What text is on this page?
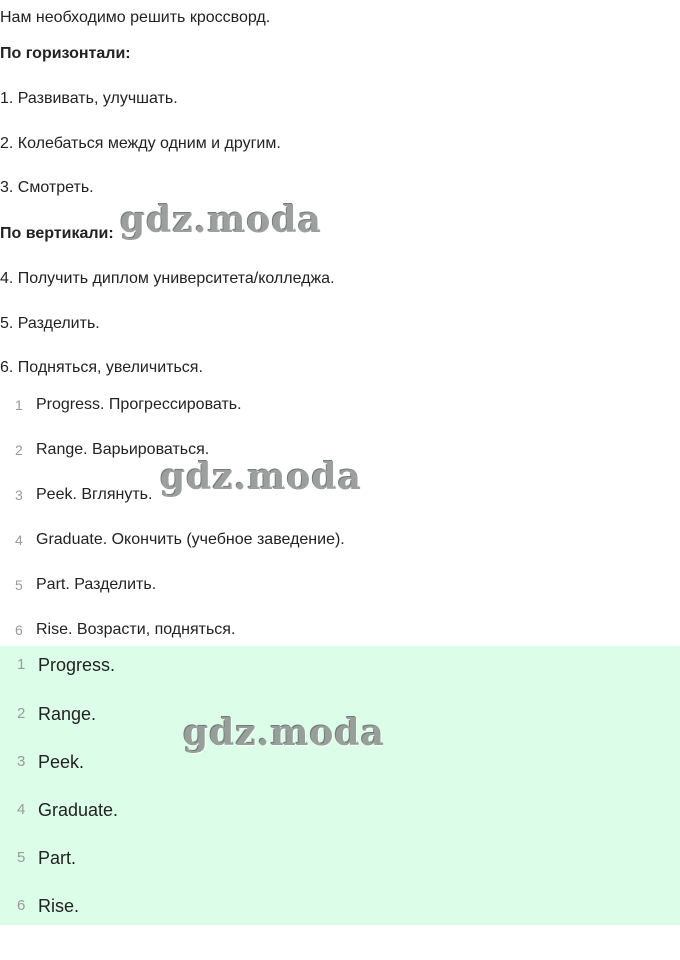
Нам необходимо решить кроссворд.
По горизонтали:
1. Развивать, улучшать.
2. Колебаться между одним и другим.
3. Смотреть.
По вертикали:
4. Получить диплом университета/колледжа.
5. Разделить.
6. Подняться, увеличиться.
1 Progress. Прогрессировать.
2 Range. Варьироваться.
3 Peek. Вглянуть.
4 Graduate. Окончить (учебное заведение).
5 Part. Разделить.
6 Rise. Возрасти, подняться.
1 Progress.
2 Range.
3 Peek.
4 Graduate.
5 Part.
6 Rise.
gdz.moda
gdz.moda
gdz.moda
